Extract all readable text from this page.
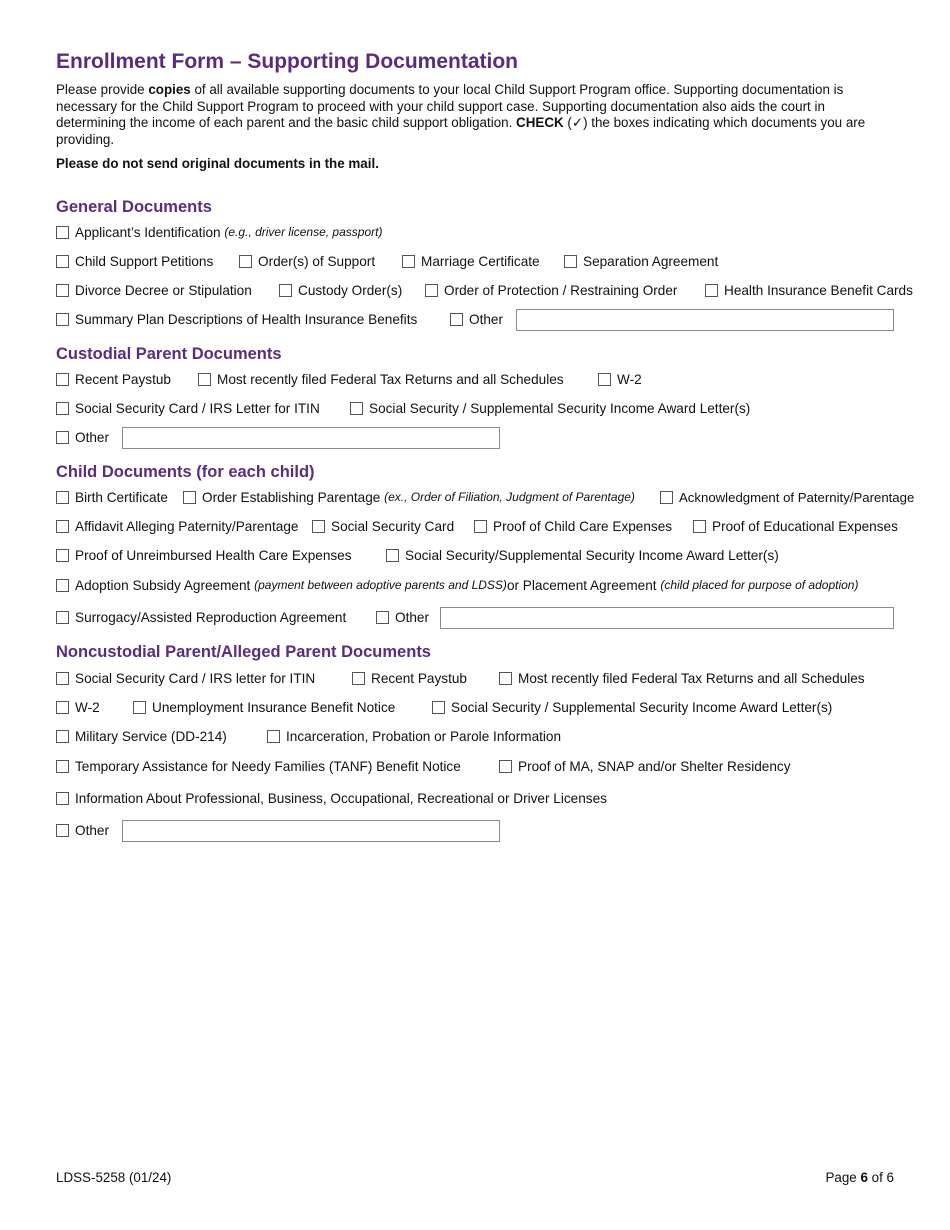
Enrollment Form – Supporting Documentation

Please provide copies of all available supporting documents to your local Child Support Program office. Supporting documentation is necessary for the Child Support Program to proceed with your child support case. Supporting documentation also aids the court in determining the income of each parent and the basic child support obligation. CHECK (✓) the boxes indicating which documents you are providing.

Please do not send original documents in the mail.

General Documents
Applicant’s Identification
(e.g., driver license, passport)
Child Support Petitions	Order(s) of Support	Marriage Certificate	Separation Agreement
Divorce Decree or Stipulation	Custody Order(s)	Order of Protection / Restraining Order	Health Insurance Benefit Cards
Summary Plan Descriptions of Health Insurance Benefits	Other
Custodial Parent Documents
Recent Paystub	Most recently filed Federal Tax Returns and all Schedules	W-2
Social Security Card / IRS Letter for ITIN	Social Security / Supplemental Security Income Award Letter(s)
Other
Child Documents (for each child)
Birth Certificate	Order Establishing Parentage
(ex., Order of Filiation, Judgment of Parentage)	Acknowledgment of Paternity/Parentage
Affidavit Alleging Paternity/Parentage Social Security Card	Proof of Child Care Expenses	Proof of Educational Expenses
Proof of Unreimbursed Health Care Expenses	Social Security/Supplemental Security Income Award Letter(s)
Adoption Subsidy Agreement
(payment between adoptive parents and LDSS) or Placement Agreement
(child placed for purpose of adoption)
Surrogacy/Assisted Reproduction Agreement	Other
Noncustodial Parent/Alleged Parent Documents
Social Security Card / IRS letter for ITIN	Recent Paystub	Most recently filed Federal Tax Returns and all Schedules
W-2	Unemployment Insurance Benefit Notice	Social Security / Supplemental Security Income Award Letter(s)
Military Service (DD-214)	Incarceration, Probation or Parole Information
Temporary Assistance for Needy Families (TANF) Benefit Notice	Proof of MA, SNAP and/or Shelter Residency
Information About Professional, Business, Occupational, Recreational or Driver Licenses
Other
LDSS-5258 (01/24)	Page 6 of 6
